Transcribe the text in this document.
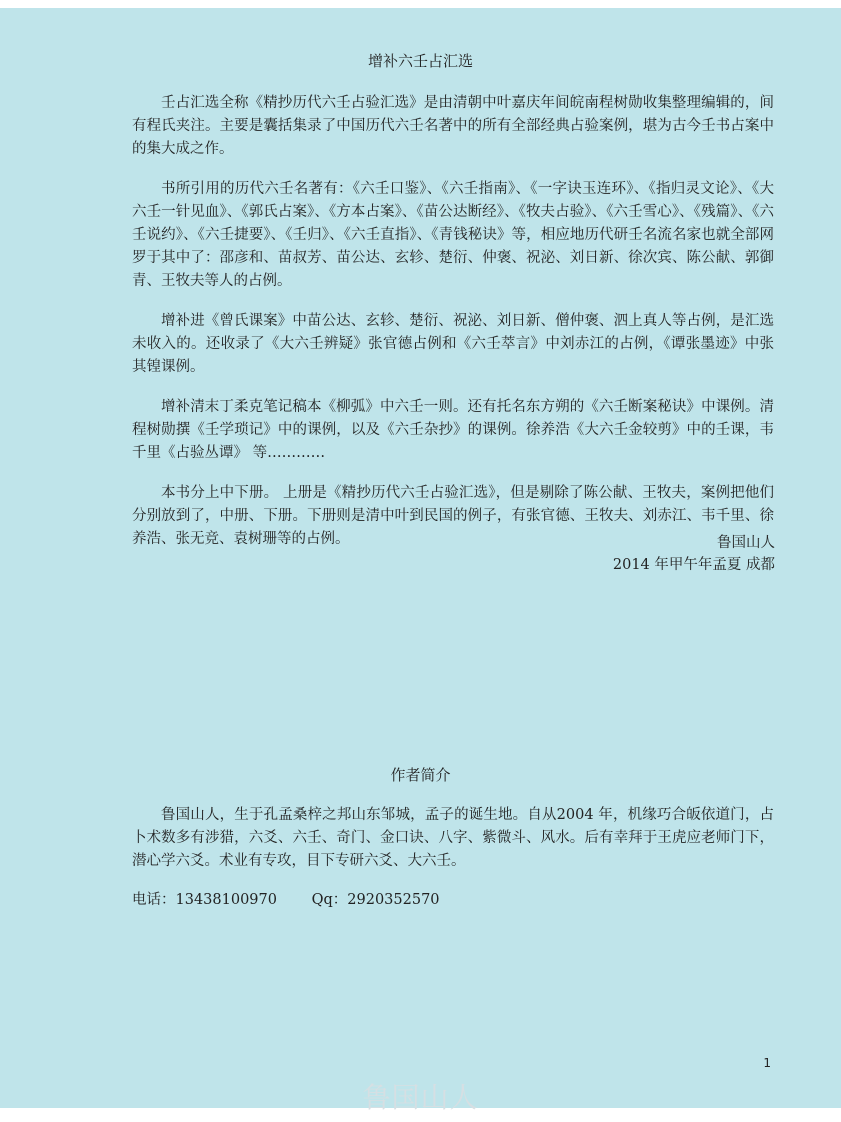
增补六壬占汇选

壬占汇选全称《精抄历代六壬占验汇选》是由清朝中叶嘉庆年间皖南程树勋收集整理编辑的，间有程氏夹注。主要是囊括集录了中国历代六壬名著中的所有全部经典占验案例，堪为古今壬书占案中的集大成之作。

书所引用的历代六壬名著有：《六壬口鉴》、《六壬指南》、《一字诀玉连环》、《指归灵文论》、《大六壬一针见血》、《郭氏占案》、《方本占案》、《苗公达断经》、《牧夫占验》、《六壬雪心》、《残篇》、《六壬说约》、《六壬捷要》、《壬归》、《六壬直指》、《青钱秘诀》等，相应地历代研壬名流名家也就全部网罗于其中了：邵彦和、苗叔芳、苗公达、玄轸、楚衍、仲褒、祝泌、刘日新、徐次宾、陈公献、郭御青、王牧夫等人的占例。

增补进《曾氏课案》中苗公达、玄轸、楚衍、祝泌、刘日新、僧仲褒、泗上真人等占例，是汇选未收入的。还收录了《大六壬辨疑》张官德占例和《六壬萃言》中刘赤江的占例，《谭张墨迹》中张其锽课例。

增补清末丁柔克笔记稿本《柳弧》中六壬一则。还有托名东方朔的《六壬断案秘诀》中课例。清程树勋撰《壬学琐记》中的课例，以及《六壬杂抄》的课例。徐养浩《大六壬金较剪》中的壬课，韦千里《占验丛谭》 等…………

本书分上中下册。 上册是《精抄历代六壬占验汇选》，但是剔除了陈公献、王牧夫，案例把他们分别放到了，中册、下册。下册则是清中叶到民国的例子，有张官德、王牧夫、刘赤江、韦千里、徐养浩、张无竞、袁树珊等的占例。	鲁国山人
2014 年甲午年孟夏 成都
作者简介

鲁国山人，生于孔孟桑梓之邦山东邹城，孟子的诞生地。自从2004 年，机缘巧合皈依道门，占卜术数多有涉猎，六爻、六壬、奇门、金口诀、八字、紫微斗、风水。后有幸拜于王虎应老师门下，潜心学六爻。术业有专攻，目下专研六爻、大六壬。

电话：13438100970 Qq：2920352570
1
鲁国山人
